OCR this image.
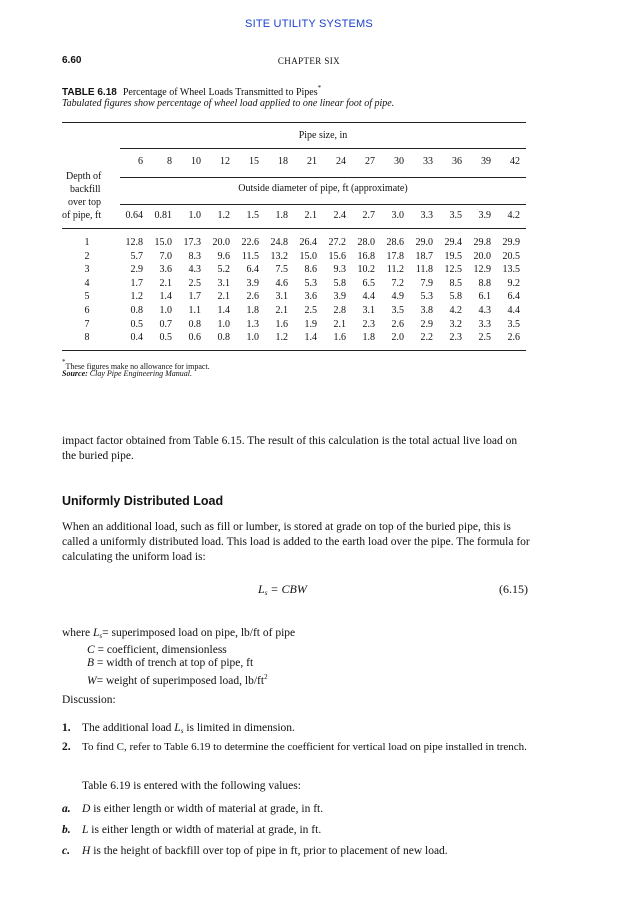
SITE UTILITY SYSTEMS
6.60	CHAPTER SIX
TABLE 6.18 Percentage of Wheel Loads Transmitted to Pipes*
Tabulated figures show percentage of wheel load applied to one linear foot of pipe.
Pipe size, in
Outside diameter of pipe, ft (approximate)
Depth of
backfill
over top
of pipe, ft
6	8	10	12	15	18	21	24	27	30	33	36	39	42
0.64	0.81	1.0	1.2	1.5	1.8	2.1	2.4	2.7	3.0	3.3	3.5	3.9	4.2
1	12.8	15.0	17.3	20.0	22.6	24.8	26.4	27.2	28.0	28.6	29.0	29.4	29.8	29.9
2	5.7	7.0	8.3	9.6	11.5	13.2	15.0	15.6	16.8	17.8	18.7	19.5	20.0	20.5
3	2.9	3.6	4.3	5.2	6.4	7.5	8.6	9.3	10.2	11.2	11.8	12.5	12.9	13.5
4	1.7	2.1	2.5	3.1	3.9	4.6	5.3	5.8	6.5	7.2	7.9	8.5	8.8	9.2
5	1.2	1.4	1.7	2.1	2.6	3.1	3.6	3.9	4.4	4.9	5.3	5.8	6.1	6.4
6	0.8	1.0	1.1	1.4	1.8	2.1	2.5	2.8	3.1	3.5	3.8	4.2	4.3	4.4
7	0.5	0.7	0.8	1.0	1.3	1.6	1.9	2.1	2.3	2.6	2.9	3.2	3.3	3.5
8	0.4	0.5	0.6	0.8	1.0	1.2	1.4	1.6	1.8	2.0	2.2	2.3	2.5	2.6
*These figures make no allowance for impact.
Source: Clay Pipe Engineering Manual.
impact factor obtained from Table 6.15. The result of this calculation is the total actual live load on the buried pipe.
Uniformly Distributed Load
When an additional load, such as fill or lumber, is stored at grade on top of the buried pipe, this is called a uniformly distributed load. This load is added to the earth load over the pipe. The formula for calculating the uniform load is:
Ls = CBW	(6.15)
where Ls= superimposed load on pipe, lb/ft of pipe
C = coefficient, dimensionless
B = width of trench at top of pipe, ft
W= weight of superimposed load, $lb/ft^2$
Discussion:
1. The additional load Ls is limited in dimension.
2. To find C, refer to Table 6.19 to determine the coefficient for vertical load on pipe installed in trench.
Table 6.19 is entered with the following values:
a. D is either length or width of material at grade, in ft.
b. L is either length or width of material at grade, in ft.
c. H is the height of backfill over top of pipe in ft, prior to placement of new load.
